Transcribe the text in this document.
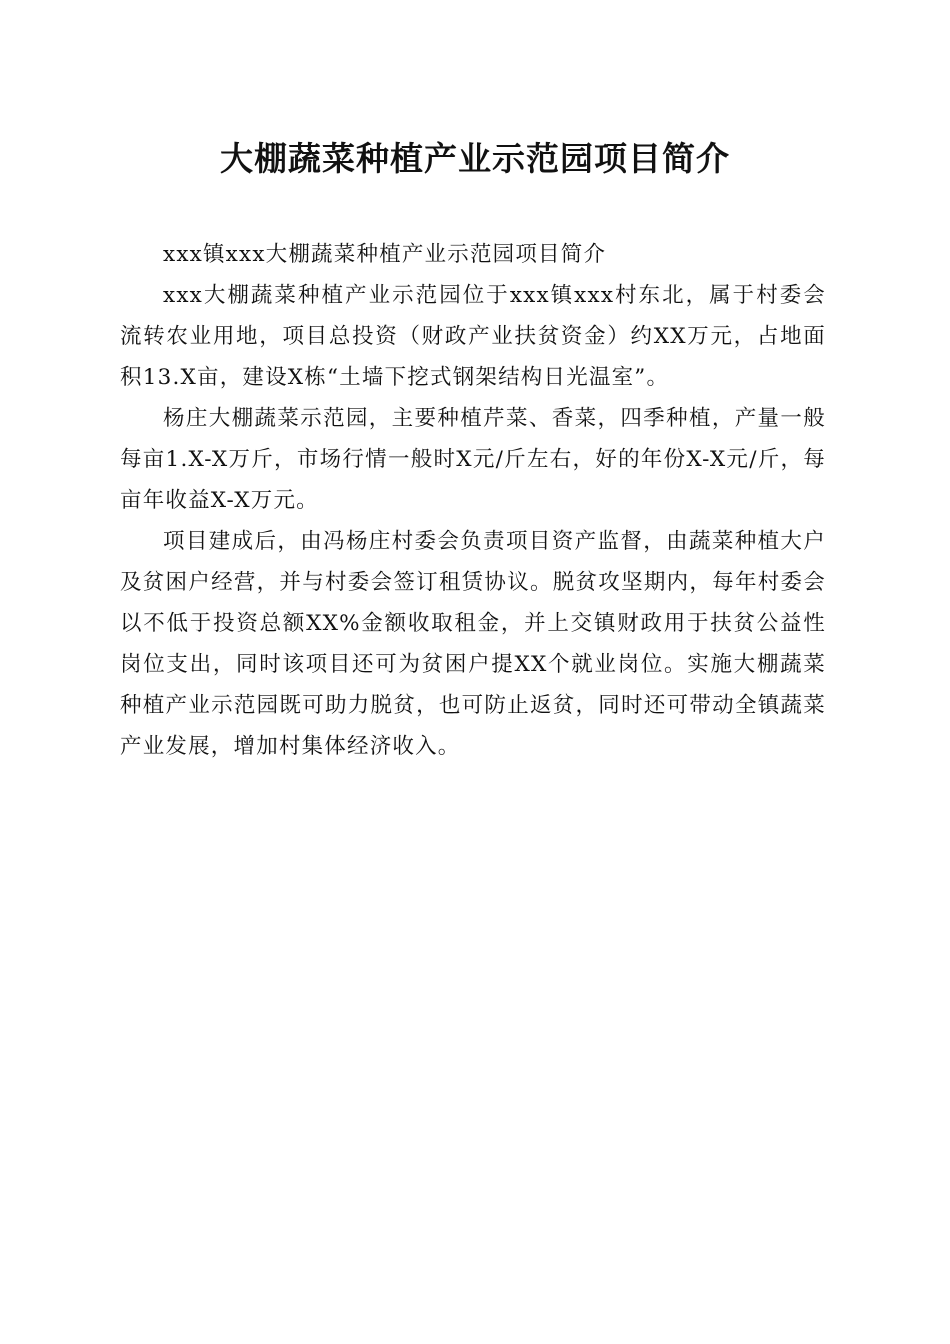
大棚蔬菜种植产业示范园项目简介

xxx镇xxx大棚蔬菜种植产业示范园项目简介

xxx大棚蔬菜种植产业示范园位于xxx镇xxx村东北，属于村委会流转农业用地，项目总投资（财政产业扶贫资金）约XX万元，占地面积13.X亩，建设X栋“土墙下挖式钢架结构日光温室”。

杨庄大棚蔬菜示范园，主要种植芹菜、香菜，四季种植，产量一般每亩1.X-X万斤，市场行情一般时X元/斤左右，好的年份X-X元/斤，每亩年收益X-X万元。

项目建成后，由冯杨庄村委会负责项目资产监督，由蔬菜种植大户及贫困户经营，并与村委会签订租赁协议。脱贫攻坚期内，每年村委会以不低于投资总额XX%金额收取租金，并上交镇财政用于扶贫公益性岗位支出，同时该项目还可为贫困户提XX个就业岗位。实施大棚蔬菜种植产业示范园既可助力脱贫，也可防止返贫，同时还可带动全镇蔬菜产业发展，增加村集体经济收入。
